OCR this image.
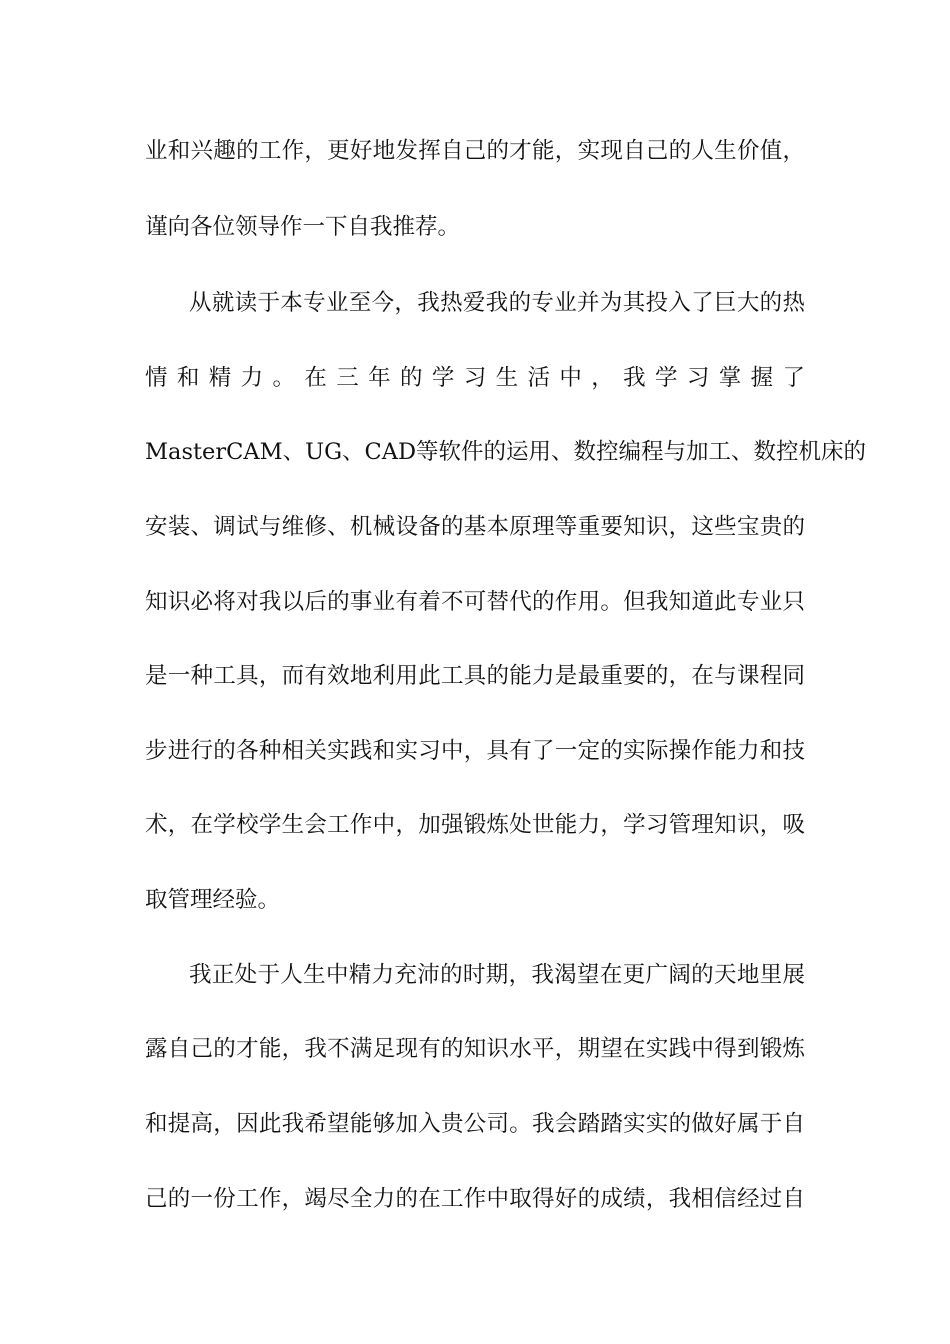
业和兴趣的工作，更好地发挥自己的才能，实现自己的人生价值，
谨向各位领导作一下自我推荐。
从就读于本专业至今，我热爱我的专业并为其投入了巨大的热
情和精力。在三年的学习生活中，我学习掌握了
MasterCAM、UG、CAD等软件的运用、数控编程与加工、数控机床的
安装、调试与维修、机械设备的基本原理等重要知识，这些宝贵的
知识必将对我以后的事业有着不可替代的作用。但我知道此专业只
是一种工具，而有效地利用此工具的能力是最重要的，在与课程同
步进行的各种相关实践和实习中，具有了一定的实际操作能力和技
术，在学校学生会工作中，加强锻炼处世能力，学习管理知识，吸
取管理经验。
我正处于人生中精力充沛的时期，我渴望在更广阔的天地里展
露自己的才能，我不满足现有的知识水平，期望在实践中得到锻炼
和提高，因此我希望能够加入贵公司。我会踏踏实实的做好属于自
己的一份工作，竭尽全力的在工作中取得好的成绩，我相信经过自
